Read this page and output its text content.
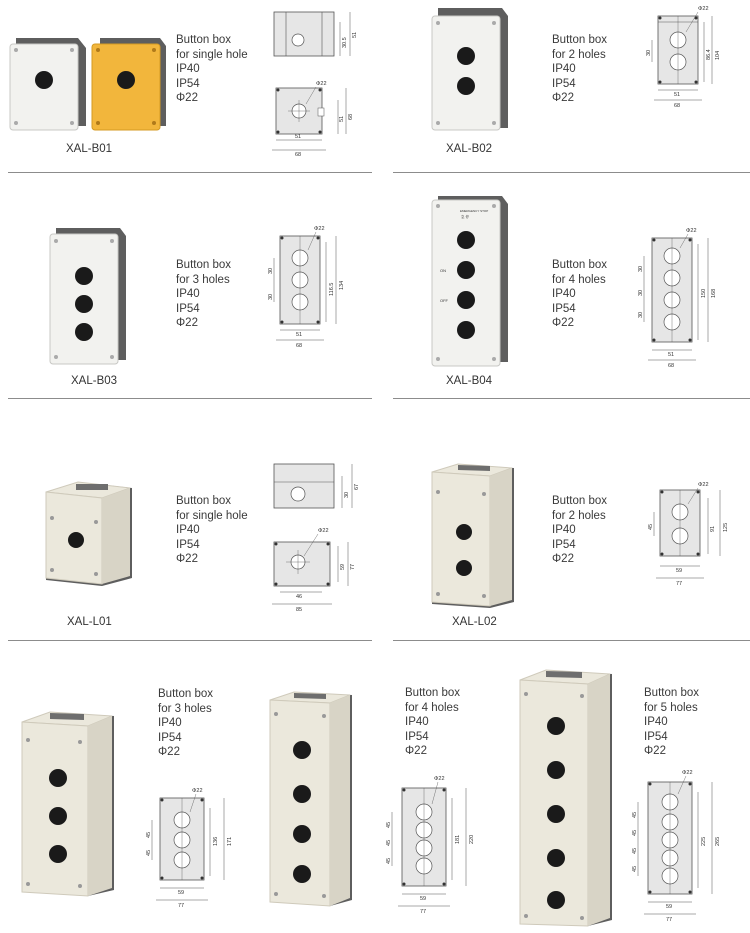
XAL-B01
Button box
for single hole
IP40
IP54
Φ22
30.5
51
Φ22
51 68
51
68	XAL-B02
Button box
for 2 holes
IP40
IP54
Φ22
Φ22
30	86.4 104
51
68
XAL-B03
Button box
for 3 holes
IP40
IP54
Φ22
Φ22
30
30
116.5 134
51
68
EMERGENCY STOP
急 停
ON
OFF
XAL-B04
Button box
for 4 holes
IP40
IP54
Φ22
Φ22
30
30
30
150 168
51
68
XAL-L01
Button box
for single hole
IP40
IP54
Φ22
30
67
Φ22
59 77
46
85
XAL-L02
Button box
for 2 holes
IP40
IP54
Φ22
Φ22
45	91 125
59
77
Button box
for 3 holes
IP40
IP54
Φ22
Φ22
45
45
136 171
59
77
Button box
for 4 holes
IP40
IP54
Φ22
Φ22
45
45
45
181 220
59
77
Button box
for 5 holes
IP40
IP54
Φ22
Φ22
45
45
45
45
225 265
59
77
